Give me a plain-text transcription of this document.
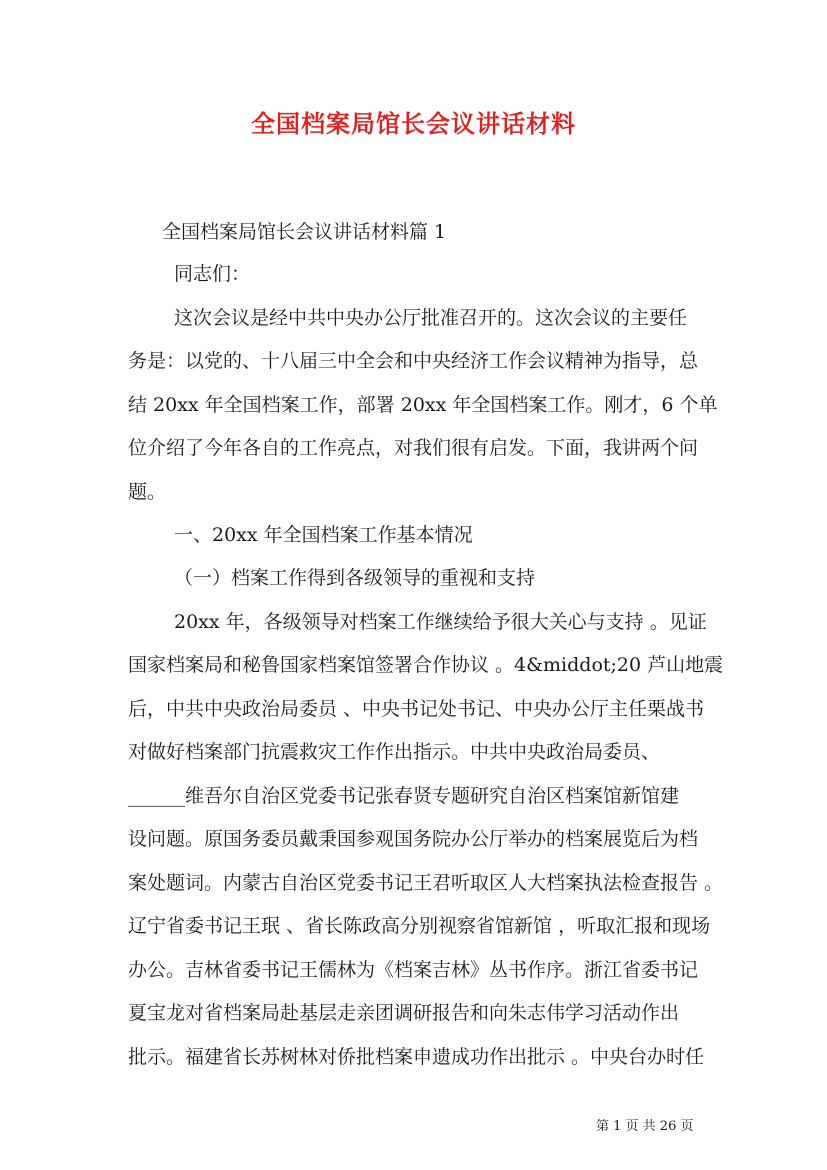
全国档案局馆长会议讲话材料
全国档案局馆长会议讲话材料篇 1
同志们：
这次会议是经中共中央办公厅批准召开的。这次会议的主要任
务是：以党的、十八届三中全会和中央经济工作会议精神为指导，总
结 20xx 年全国档案工作，部署 20xx 年全国档案工作。刚才，6 个单
位介绍了今年各自的工作亮点，对我们很有启发。下面，我讲两个问
题。
一、20xx 年全国档案工作基本情况
（一）档案工作得到各级领导的重视和支持
20xx 年，各级领导对档案工作继续给予很大关心与支持 。见证
国家档案局和秘鲁国家档案馆签署合作协议 。4&middot;20 芦山地震
后，中共中央政治局委员 、中央书记处书记、中央办公厅主任栗战书
对做好档案部门抗震救灾工作作出指示。中共中央政治局委员、
______维吾尔自治区党委书记张春贤专题研究自治区档案馆新馆建
设问题。原国务委员戴秉国参观国务院办公厅举办的档案展览后为档
案处题词。内蒙古自治区党委书记王君听取区人大档案执法检查报告 。
辽宁省委书记王珉 、省长陈政高分别视察省馆新馆 ，听取汇报和现场
办公。吉林省委书记王儒林为《档案吉林》丛书作序。浙江省委书记
夏宝龙对省档案局赴基层走亲团调研报告和向朱志伟学习活动作出
批示。福建省长苏树林对侨批档案申遗成功作出批示 。中央台办时任
第 1 页 共 26 页
